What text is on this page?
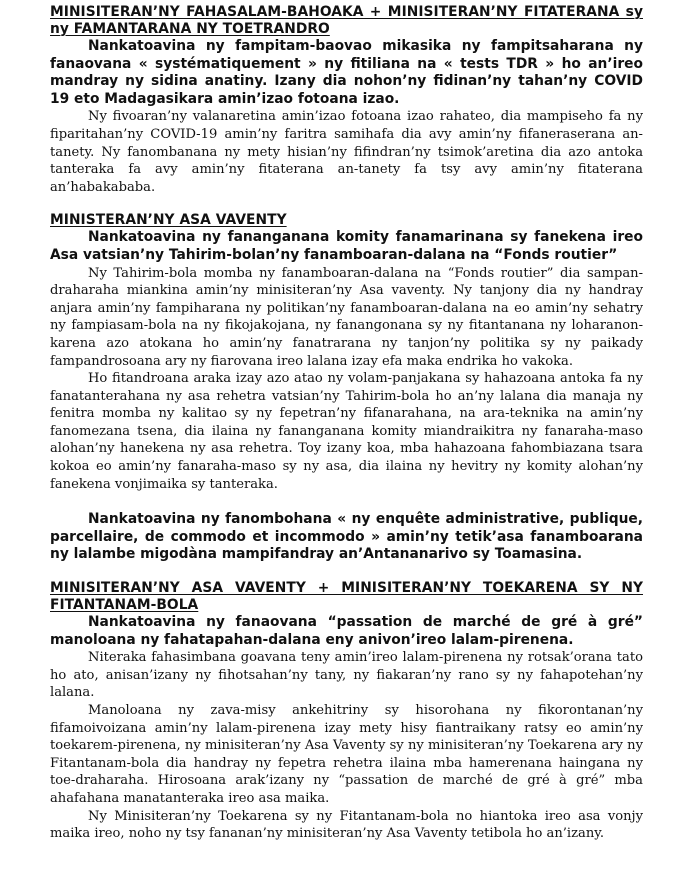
MINISITERAN’NY FAHASALAM-BAHOAKA + MINISITERAN’NY FITATERANA sy ny FAMANTARANA NY TOETRANDRO

Nankatoavina ny fampitam-baovao mikasika ny fampitsaharana ny fanaovana « systématiquement » ny fitiliana na « tests TDR » ho an’ireo mandray ny sidina anatiny. Izany dia nohon’ny fidinan’ny tahan’ny COVID 19 eto Madagasikara amin’izao fotoana izao.

Ny fivoaran’ny valanaretina amin’izao fotoana izao rahateo, dia mampiseho fa ny fiparitahan’ny COVID-19 amin’ny faritra samihafa dia avy amin’ny fifaneraserana an-tanety. Ny fanombanana ny mety hisian’ny fifindran’ny tsimok’aretina dia azo antoka tanteraka fa avy amin’ny fitaterana an-tanety fa tsy avy amin’ny fitaterana an’habakababa.

MINISTERAN’NY ASA VAVENTY

Nankatoavina ny fananganana komity fanamarinana sy fanekena ireo Asa vatsian’ny Tahirim-bolan’ny fanamboaran-dalana na “Fonds routier”

Ny Tahirim-bola momba ny fanamboaran-dalana na “Fonds routier” dia sampan-draharaha miankina amin’ny minisiteran’ny Asa vaventy. Ny tanjony dia ny handray anjara amin’ny fampiharana ny politikan’ny fanamboaran-dalana na eo amin’ny sehatry ny fampiasam-bola na ny fikojakojana, ny fanangonana sy ny fitantanana ny loharanon-karena azo atokana ho amin’ny fanatrarana ny tanjon’ny politika sy ny paikady fampandrosoana ary ny fiarovana ireo lalana izay efa maka endrika ho vakoka.

Ho fitandroana araka izay azo atao ny volam-panjakana sy hahazoana antoka fa ny fanatanterahana ny asa rehetra vatsian’ny Tahirim-bola ho an’ny lalana dia manaja ny fenitra momba ny kalitao sy ny fepetran’ny fifanarahana, na ara-teknika na amin’ny fanomezana tsena, dia ilaina ny fananganana komity miandraikitra ny fanaraha-maso alohan’ny hanekena ny asa rehetra. Toy izany koa, mba hahazoana fahombiazana tsara kokoa eo amin’ny fanaraha-maso sy ny asa, dia ilaina ny hevitry ny komity alohan’ny fanekena vonjimaika sy tanteraka.

Nankatoavina ny fanombohana « ny enquête administrative, publique, parcellaire, de commodo et incommodo » amin’ny tetik’asa fanamboarana ny lalambe migodàna mampifandray an’Antananarivo sy Toamasina.

MINISITERAN’NY ASA VAVENTY + MINISITERAN’NY TOEKARENA SY NY FITANTANAM-BOLA

Nankatoavina ny fanaovana “passation de marché de gré à gré” manoloana ny fahatapahan-dalana eny anivon’ireo lalam-pirenena.

Niteraka fahasimbana goavana teny amin’ireo lalam-pirenena ny rotsak’orana tato ho ato, anisan’izany ny fihotsahan’ny tany, ny fiakaran’ny rano sy ny fahapotehan’ny lalana.

Manoloana ny zava-misy ankehitriny sy hisorohana ny fikorontanan’ny fifamoivoizana amin’ny lalam-pirenena izay mety hisy fiantraikany ratsy eo amin’ny toekarem-pirenena, ny minisiteran’ny Asa Vaventy sy ny minisiteran’ny Toekarena ary ny Fitantanam-bola dia handray ny fepetra rehetra ilaina mba hamerenana haingana ny toe-draharaha. Hirosoana arak’izany ny “passation de marché de gré à gré” mba ahafahana manatanteraka ireo asa maika.

Ny Minisiteran’ny Toekarena sy ny Fitantanam-bola no hiantoka ireo asa vonjy maika ireo, noho ny tsy fananan’ny minisiteran’ny Asa Vaventy tetibola ho an’izany.
